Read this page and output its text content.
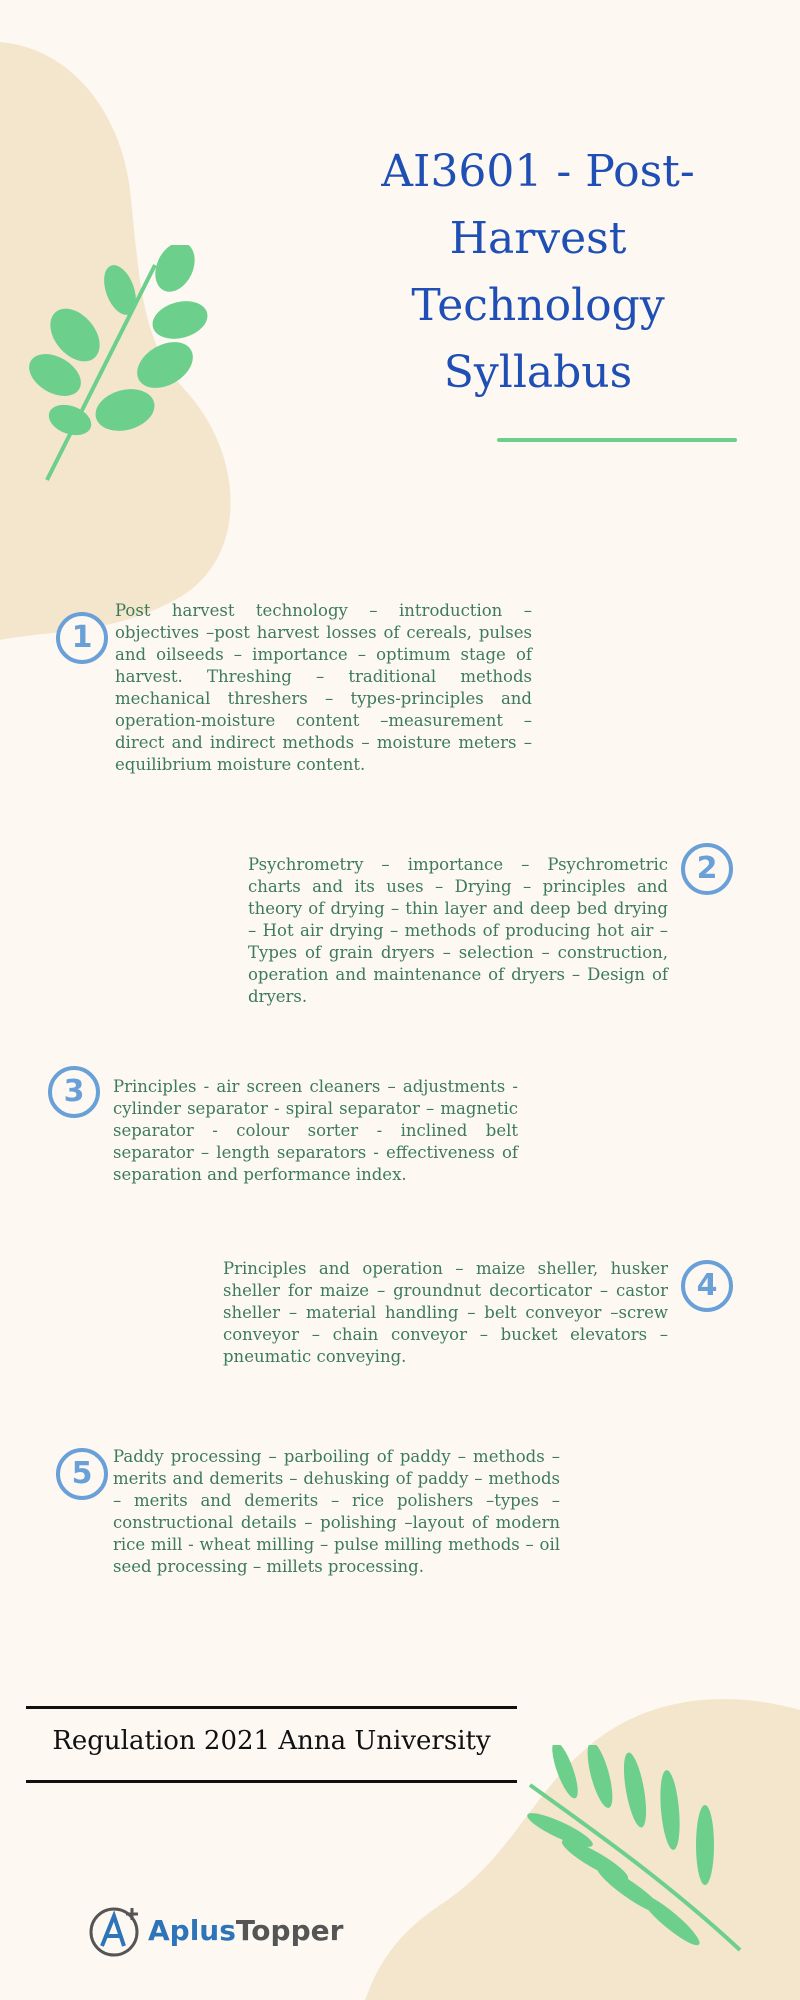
AI3601 - Post-Harvest Technology Syllabus
1

Post harvest technology – introduction – objectives –post harvest losses of cereals, pulses and oilseeds – importance – optimum stage of harvest. Threshing – traditional methods mechanical threshers – types-principles and operation-moisture content –measurement – direct and indirect methods – moisture meters – equilibrium moisture content.

2

Psychrometry – importance – Psychrometric charts and its uses – Drying – principles and theory of drying – thin layer and deep bed drying – Hot air drying – methods of producing hot air – Types of grain dryers – selection – construction, operation and maintenance of dryers – Design of dryers.

3	Principles - air screen cleaners – adjustments - cylinder separator - spiral separator – magnetic separator - colour sorter - inclined belt separator – length separators - effectiveness of separation and performance index.

4

Principles and operation – maize sheller, husker sheller for maize – groundnut decorticator – castor sheller – material handling – belt conveyor –screw conveyor – chain conveyor – bucket elevators – pneumatic conveying.

5	Paddy processing – parboiling of paddy – methods – merits and demerits – dehusking of paddy – methods – merits and demerits – rice polishers –types – constructional details – polishing –layout of modern rice mill - wheat milling – pulse milling methods – oil seed processing – millets processing.

Regulation 2021 Anna University
AplusTopper
